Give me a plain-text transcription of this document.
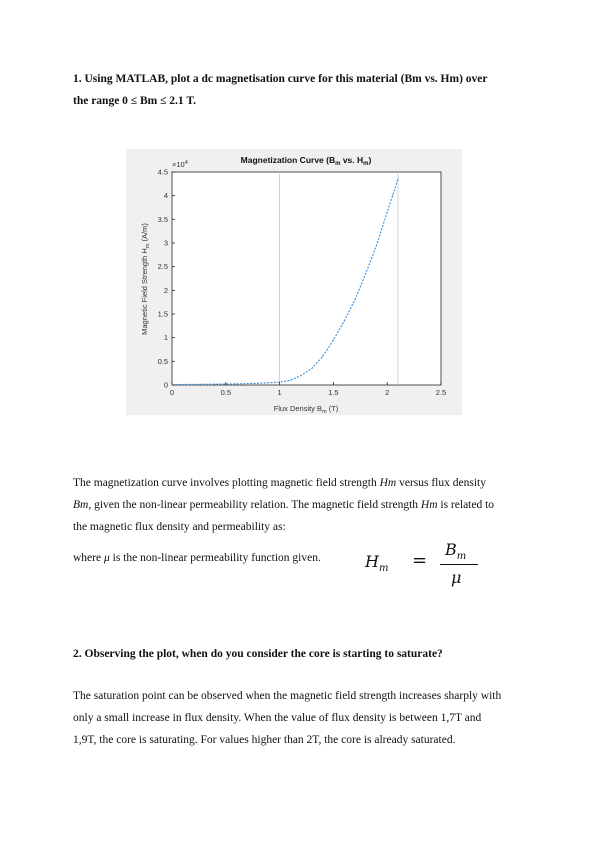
1. Using MATLAB, plot a dc magnetisation curve for this material (Bm vs. Hm) over
the range 0 ≤ Bm ≤ 2.1 T.
0	0.5	1	1.5	2	2.5
0
0.5
1
1.5
2
2.5
3
3.5
4
4.5
Magnetization Curve ($B_m$ vs. $H_m$)
$\times 10^4$
Flux Density $B_m$ (T)
Magnetic Field Strength $H_m$ (A/m)
The magnetization curve involves plotting magnetic field strength Hm versus flux density
Bm, given the non-linear permeability relation. The magnetic field strength Hm is related to
the magnetic flux density and permeability as:
where μ is the non-linear permeability function given.	$H_m$ =
$B_m$
μ
2. Observing the plot, when do you consider the core is starting to saturate?
The saturation point can be observed when the magnetic field strength increases sharply with
only a small increase in flux density. When the value of flux density is between 1,7T and
1,9T, the core is saturating. For values higher than 2T, the core is already saturated.
